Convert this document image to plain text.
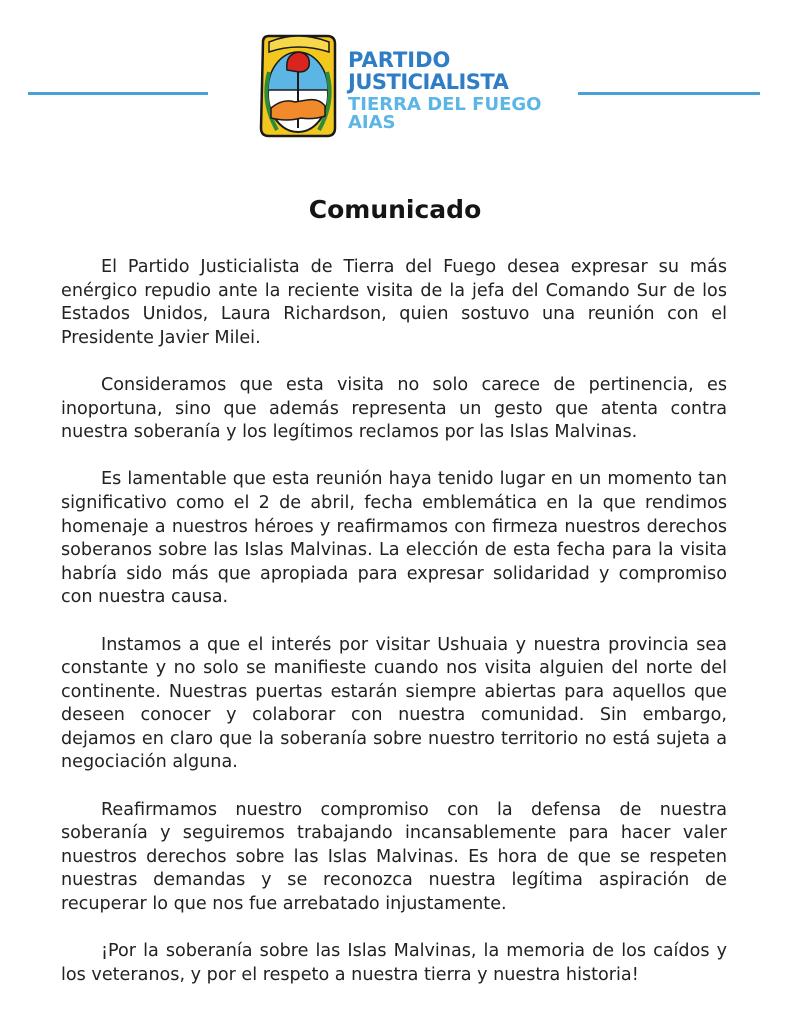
PARTIDO
JUSTICIALISTA
TIERRA DEL FUEGO
AIAS
Comunicado

El Partido Justicialista de Tierra del Fuego desea expresar su más enérgico repudio ante la reciente visita de la jefa del Comando Sur de los Estados Unidos, Laura Richardson, quien sostuvo una reunión con el Presidente Javier Milei.

Consideramos que esta visita no solo carece de pertinencia, es inoportuna, sino que además representa un gesto que atenta contra nuestra soberanía y los legítimos reclamos por las Islas Malvinas.

Es lamentable que esta reunión haya tenido lugar en un momento tan significativo como el 2 de abril, fecha emblemática en la que rendimos homenaje a nuestros héroes y reafirmamos con firmeza nuestros derechos soberanos sobre las Islas Malvinas. La elección de esta fecha para la visita habría sido más que apropiada para expresar solidaridad y compromiso con nuestra causa.

Instamos a que el interés por visitar Ushuaia y nuestra provincia sea constante y no solo se manifieste cuando nos visita alguien del norte del continente. Nuestras puertas estarán siempre abiertas para aquellos que deseen conocer y colaborar con nuestra comunidad. Sin embargo, dejamos en claro que la soberanía sobre nuestro territorio no está sujeta a negociación alguna.

Reafirmamos nuestro compromiso con la defensa de nuestra soberanía y seguiremos trabajando incansablemente para hacer valer nuestros derechos sobre las Islas Malvinas. Es hora de que se respeten nuestras demandas y se reconozca nuestra legítima aspiración de recuperar lo que nos fue arrebatado injustamente.

¡Por la soberanía sobre las Islas Malvinas, la memoria de los caídos y los veteranos, y por el respeto a nuestra tierra y nuestra historia!
